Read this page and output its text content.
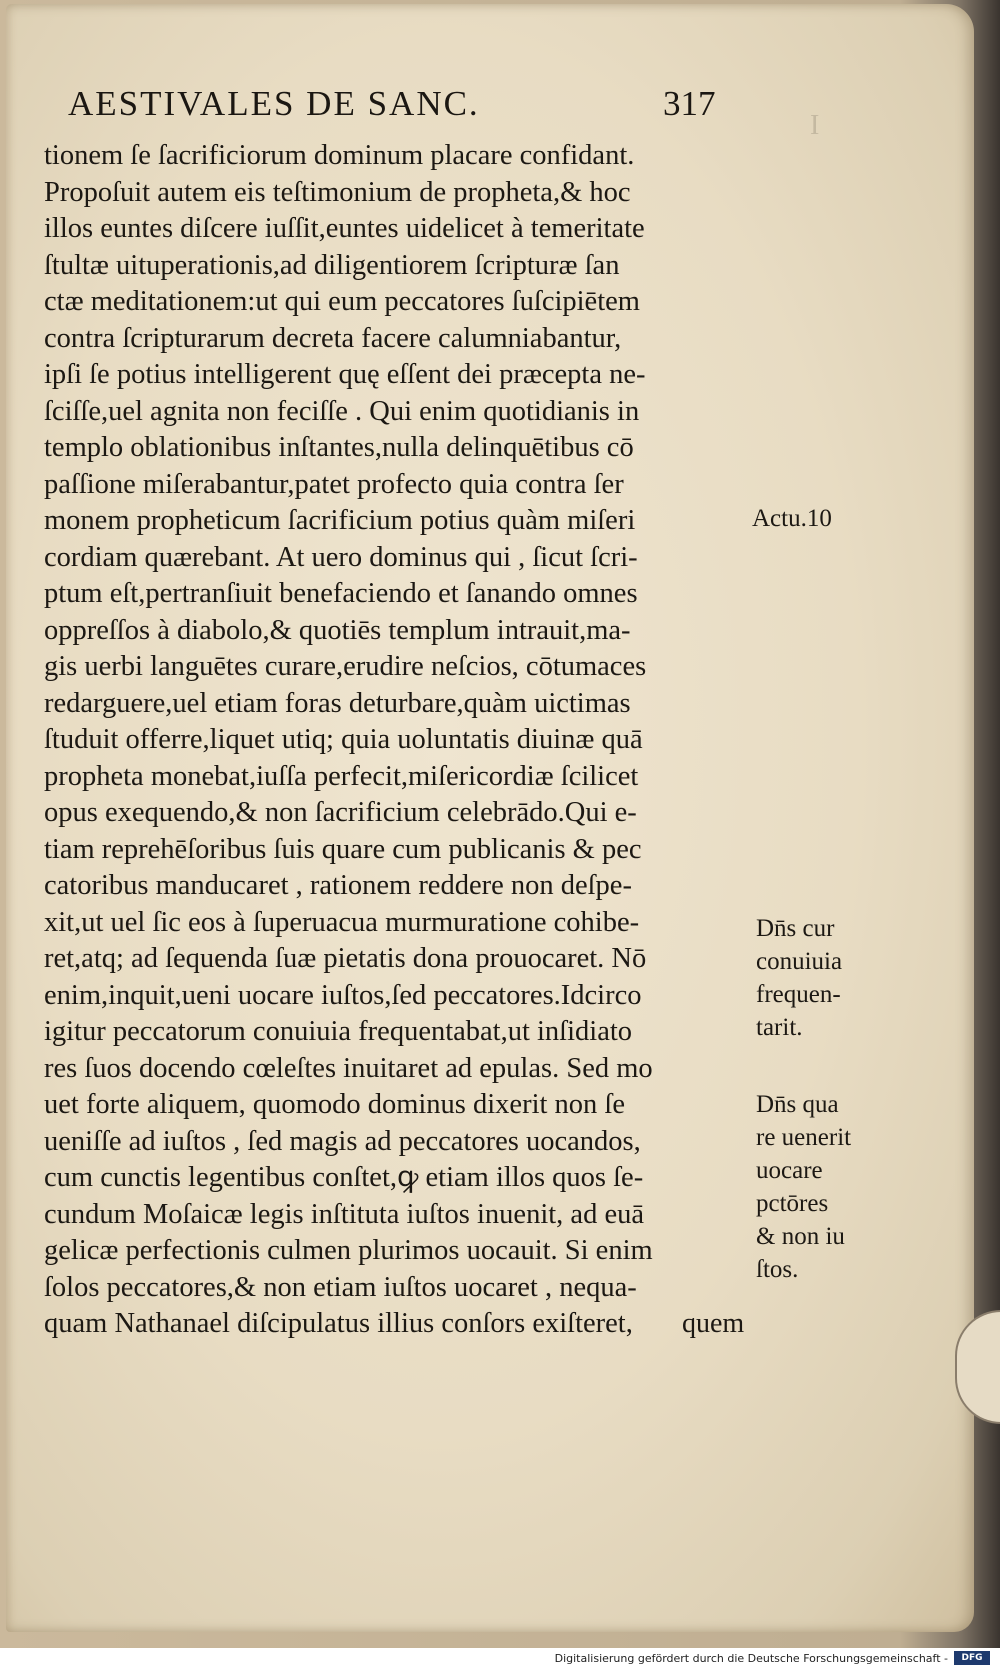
I
AESTIVALES DE SANC.	317
tionem ſe ſacrificiorum dominum placare confidant.
Propoſuit autem eis teſtimonium de propheta,& hoc
illos euntes diſcere iuſſit,euntes uidelicet à temeritate
ſtultæ uituperationis,ad diligentiorem ſcripturæ ſan
ctæ meditationem:ut qui eum peccatores ſuſcipiētem
contra ſcripturarum decreta facere calumniabantur,
ipſi ſe potius intelligerent quę eſſent dei præcepta ne-
ſciſſe,uel agnita non feciſſe . Qui enim quotidianis in
templo oblationibus inſtantes,nulla delinquētibus cō
paſſione miſerabantur,patet profecto quia contra ſer
monem propheticum ſacrificium potius quàm miſeri
cordiam quærebant. At uero dominus qui , ſicut ſcri-
ptum eſt,pertranſiuit benefaciendo et ſanando omnes
oppreſſos à diabolo,& quotiēs templum intrauit,ma-
gis uerbi languētes curare,erudire neſcios, cōtumaces
redarguere,uel etiam foras deturbare,quàm uictimas
ſtuduit offerre,liquet utiq; quia uoluntatis diuinæ quā
propheta monebat,iuſſa perfecit,miſericordiæ ſcilicet
opus exequendo,& non ſacrificium celebrādo.Qui e-
tiam reprehēſoribus ſuis quare cum publicanis & pec
catoribus manducaret , rationem reddere non deſpe-
xit,ut uel ſic eos à ſuperuacua murmuratione cohibe-
ret,atq; ad ſequenda ſuæ pietatis dona prouocaret. Nō
enim,inquit,ueni uocare iuſtos,ſed peccatores.Idcirco
igitur peccatorum conuiuia frequentabat,ut inſidiato
res ſuos docendo cœleſtes inuitaret ad epulas. Sed mo
uet forte aliquem, quomodo dominus dixerit non ſe
ueniſſe ad iuſtos , ſed magis ad peccatores uocandos,
cum cunctis legentibus conſtet,ꝙ etiam illos quos ſe-
cundum Moſaicæ legis inſtituta iuſtos inuenit, ad euā
gelicæ perfectionis culmen plurimos uocauit. Si enim
ſolos peccatores,& non etiam iuſtos uocaret , nequa-
quam Nathanael diſcipulatus illius conſors exiſteret,	quem
Actu.10
Dn̄s cur
conuiuia
frequen-
tarit.
Dn̄s qua
re uenerit
uocare
pctōres
& non iu
ſtos.
Digitalisierung gefördert durch die Deutsche Forschungsgemeinschaft -	DFG
